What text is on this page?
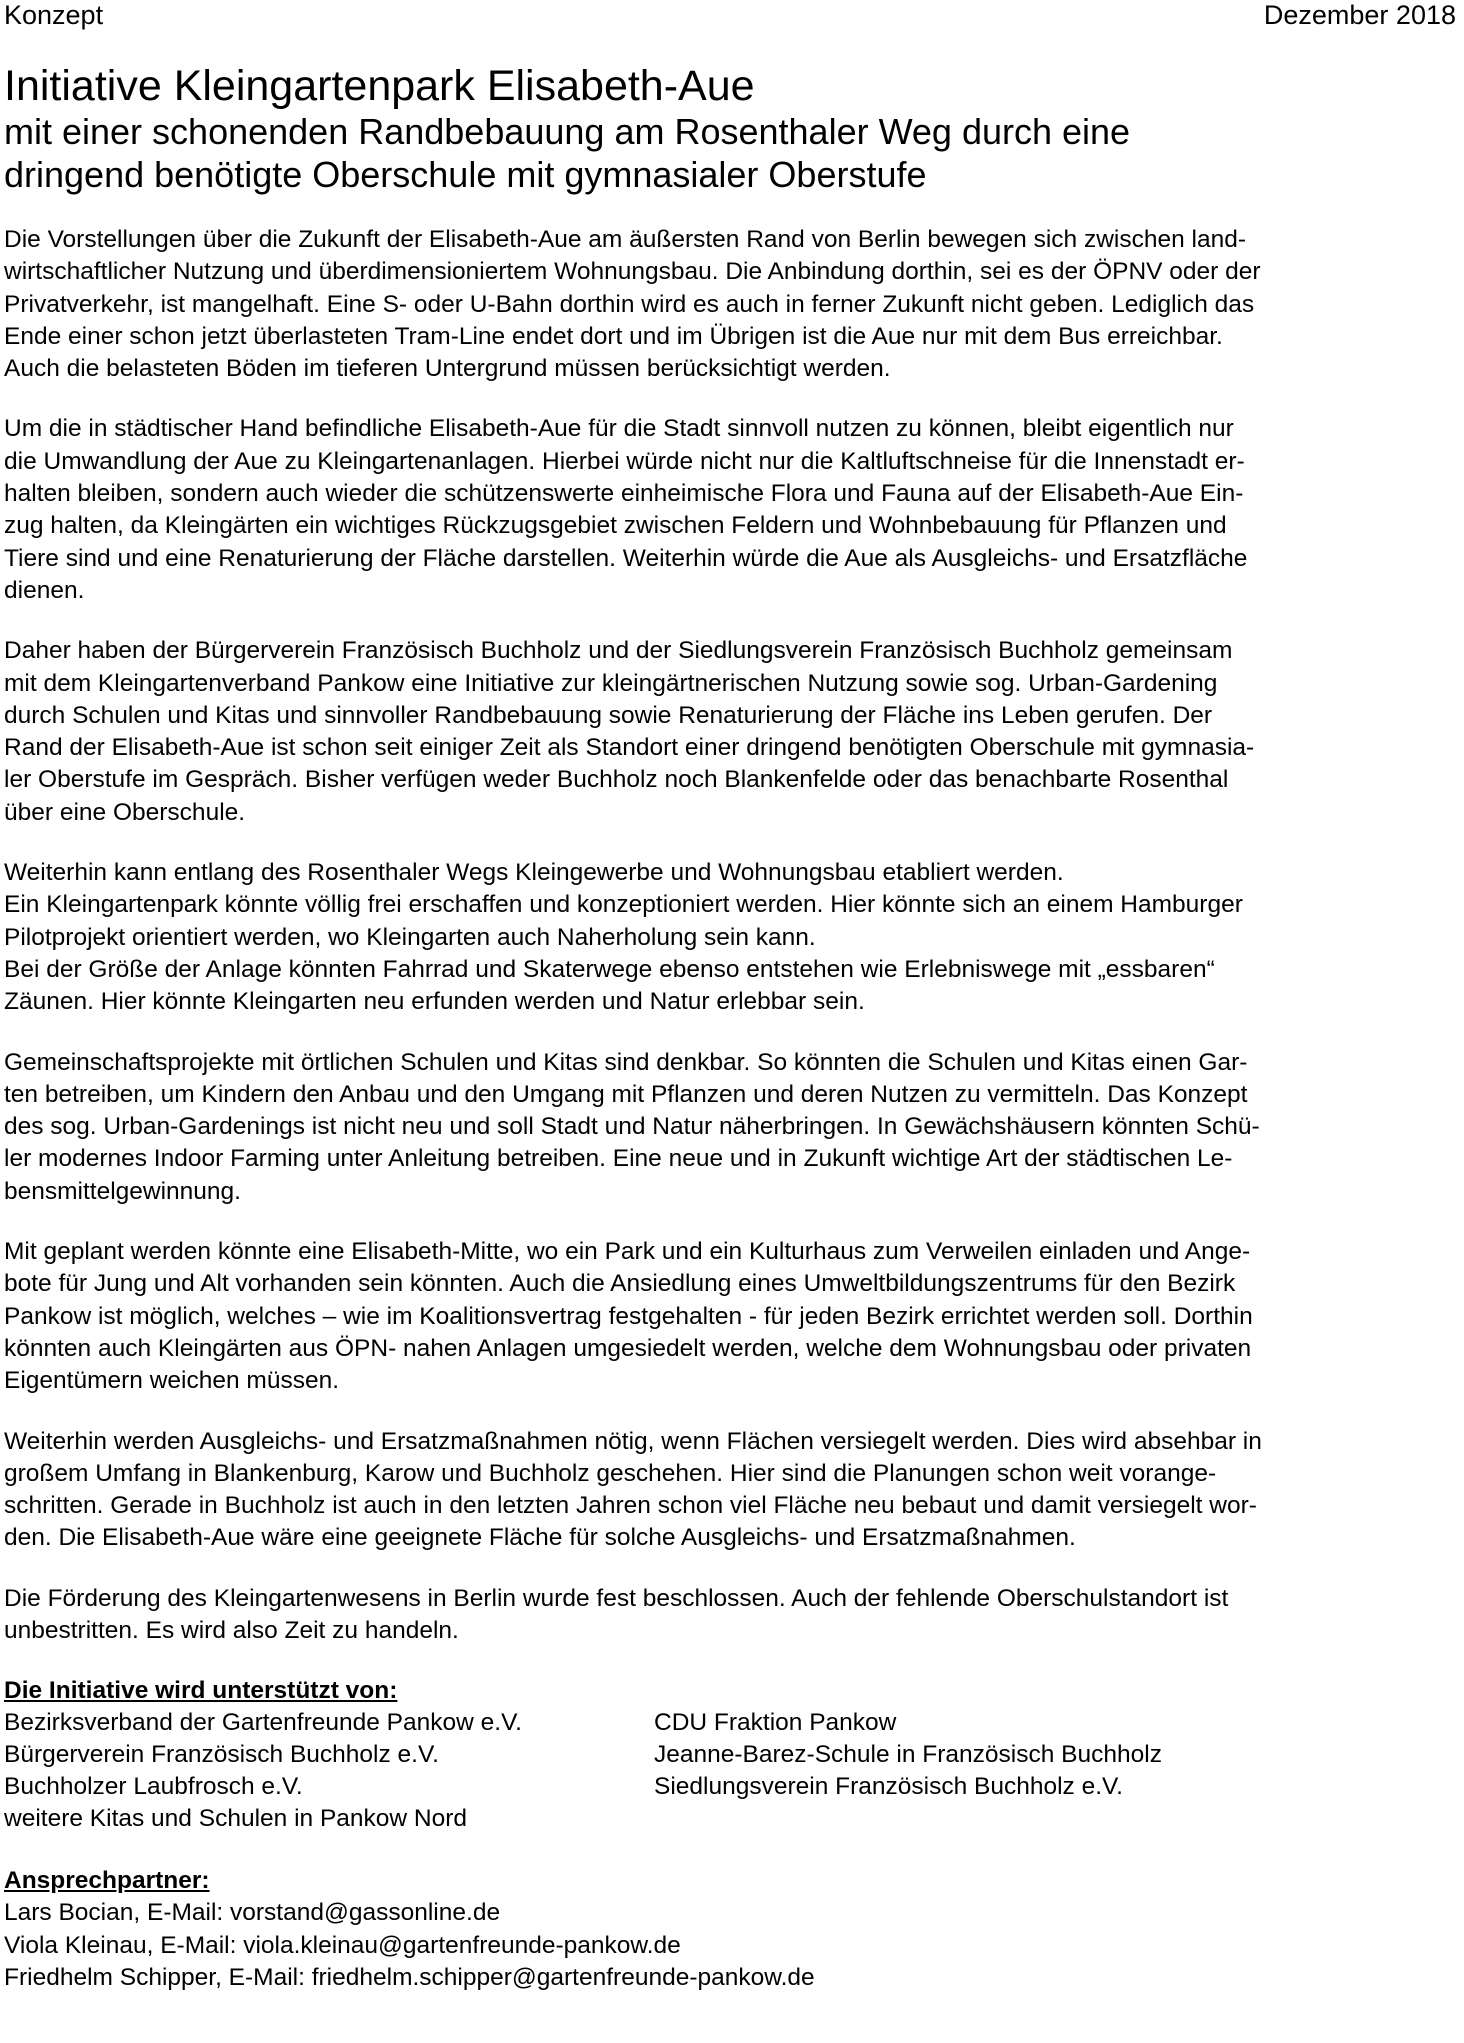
Konzept	Dezember 2018
Initiative Kleingartenpark Elisabeth-Aue
mit einer schonenden Randbebauung am Rosenthaler Weg durch eine
dringend benötigte Oberschule mit gymnasialer Oberstufe

Die Vorstellungen über die Zukunft der Elisabeth-Aue am äußersten Rand von Berlin bewegen sich zwischen land-
wirtschaftlicher Nutzung und überdimensioniertem Wohnungsbau. Die Anbindung dorthin, sei es der ÖPNV oder der
Privatverkehr, ist mangelhaft. Eine S- oder U-Bahn dorthin wird es auch in ferner Zukunft nicht geben. Lediglich das
Ende einer schon jetzt überlasteten Tram-Line endet dort und im Übrigen ist die Aue nur mit dem Bus erreichbar.
Auch die belasteten Böden im tieferen Untergrund müssen berücksichtigt werden.

Um die in städtischer Hand befindliche Elisabeth-Aue für die Stadt sinnvoll nutzen zu können, bleibt eigentlich nur
die Umwandlung der Aue zu Kleingartenanlagen. Hierbei würde nicht nur die Kaltluftschneise für die Innenstadt er-
halten bleiben, sondern auch wieder die schützenswerte einheimische Flora und Fauna auf der Elisabeth-Aue Ein-
zug halten, da Kleingärten ein wichtiges Rückzugsgebiet zwischen Feldern und Wohnbebauung für Pflanzen und
Tiere sind und eine Renaturierung der Fläche darstellen. Weiterhin würde die Aue als Ausgleichs- und Ersatzfläche
dienen.

Daher haben der Bürgerverein Französisch Buchholz und der Siedlungsverein Französisch Buchholz gemeinsam
mit dem Kleingartenverband Pankow eine Initiative zur kleingärtnerischen Nutzung sowie sog. Urban-Gardening
durch Schulen und Kitas und sinnvoller Randbebauung sowie Renaturierung der Fläche ins Leben gerufen. Der
Rand der Elisabeth-Aue ist schon seit einiger Zeit als Standort einer dringend benötigten Oberschule mit gymnasia-
ler Oberstufe im Gespräch. Bisher verfügen weder Buchholz noch Blankenfelde oder das benachbarte Rosenthal
über eine Oberschule.

Weiterhin kann entlang des Rosenthaler Wegs Kleingewerbe und Wohnungsbau etabliert werden.
Ein Kleingartenpark könnte völlig frei erschaffen und konzeptioniert werden. Hier könnte sich an einem Hamburger
Pilotprojekt orientiert werden, wo Kleingarten auch Naherholung sein kann.
Bei der Größe der Anlage könnten Fahrrad und Skaterwege ebenso entstehen wie Erlebniswege mit „essbaren“
Zäunen. Hier könnte Kleingarten neu erfunden werden und Natur erlebbar sein.

Gemeinschaftsprojekte mit örtlichen Schulen und Kitas sind denkbar. So könnten die Schulen und Kitas einen Gar-
ten betreiben, um Kindern den Anbau und den Umgang mit Pflanzen und deren Nutzen zu vermitteln. Das Konzept
des sog. Urban-Gardenings ist nicht neu und soll Stadt und Natur näherbringen. In Gewächshäusern könnten Schü-
ler modernes Indoor Farming unter Anleitung betreiben. Eine neue und in Zukunft wichtige Art der städtischen Le-
bensmittelgewinnung.

Mit geplant werden könnte eine Elisabeth-Mitte, wo ein Park und ein Kulturhaus zum Verweilen einladen und Ange-
bote für Jung und Alt vorhanden sein könnten. Auch die Ansiedlung eines Umweltbildungszentrums für den Bezirk
Pankow ist möglich, welches – wie im Koalitionsvertrag festgehalten - für jeden Bezirk errichtet werden soll. Dorthin
könnten auch Kleingärten aus ÖPN- nahen Anlagen umgesiedelt werden, welche dem Wohnungsbau oder privaten
Eigentümern weichen müssen.

Weiterhin werden Ausgleichs- und Ersatzmaßnahmen nötig, wenn Flächen versiegelt werden. Dies wird absehbar in
großem Umfang in Blankenburg, Karow und Buchholz geschehen. Hier sind die Planungen schon weit vorange-
schritten. Gerade in Buchholz ist auch in den letzten Jahren schon viel Fläche neu bebaut und damit versiegelt wor-
den. Die Elisabeth-Aue wäre eine geeignete Fläche für solche Ausgleichs- und Ersatzmaßnahmen.

Die Förderung des Kleingartenwesens in Berlin wurde fest beschlossen. Auch der fehlende Oberschulstandort ist
unbestritten. Es wird also Zeit zu handeln.

Die Initiative wird unterstützt von:
Bezirksverband der Gartenfreunde Pankow e.V.
Bürgerverein Französisch Buchholz e.V.
Buchholzer Laubfrosch e.V.
weitere Kitas und Schulen in Pankow Nord
CDU Fraktion Pankow
Jeanne-Barez-Schule in Französisch Buchholz
Siedlungsverein Französisch Buchholz e.V.
Ansprechpartner:
Lars Bocian, E-Mail: vorstand@gassonline.de
Viola Kleinau, E-Mail: viola.kleinau@gartenfreunde-pankow.de
Friedhelm Schipper, E-Mail: friedhelm.schipper@gartenfreunde-pankow.de
